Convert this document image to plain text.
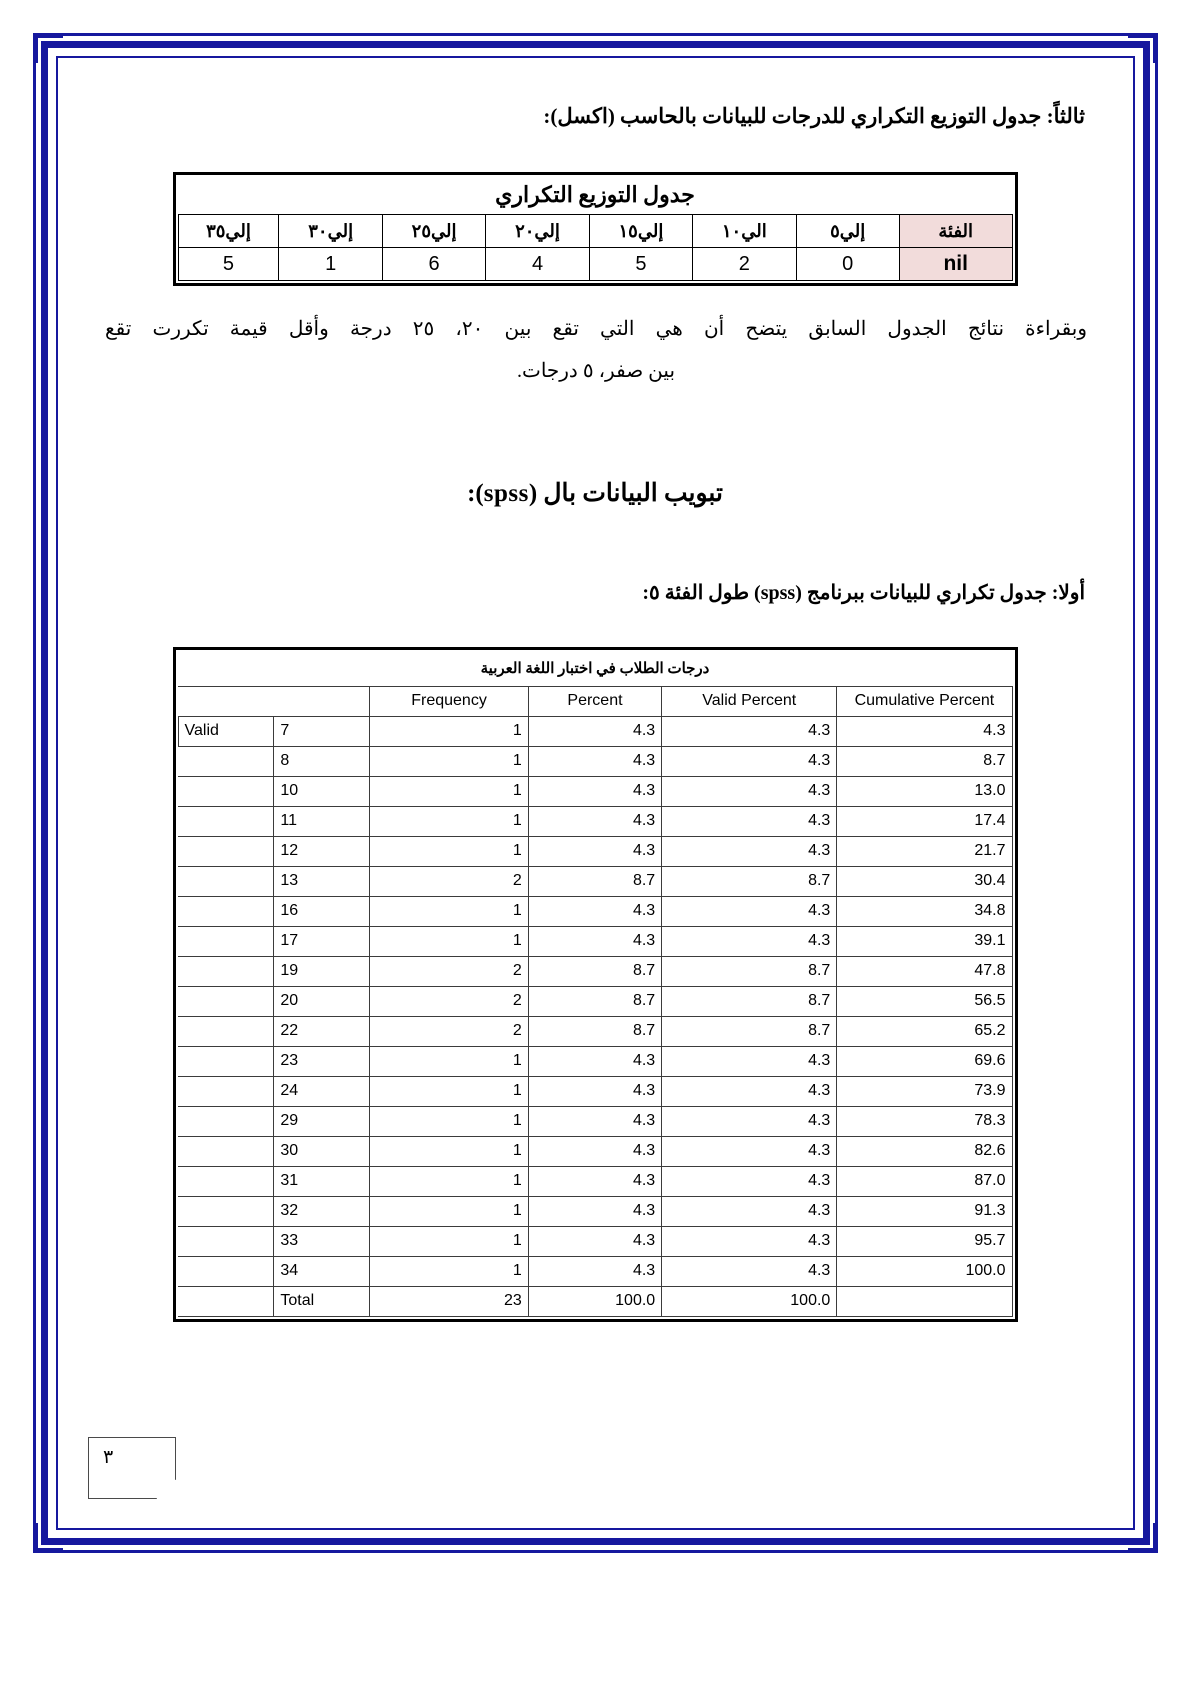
ثالثاً: جدول التوزيع التكراري للدرجات للبيانات بالحاسب (اكسل):
جدول التوزيع التكراري							
الفئة	إلي٥	الي١٠	إلي١٥	إلي٢٠	إلي٢٥	إلي٣٠	إلي٣٥
nil	0	2	5	4	6	1	5
وبقراءة نتائج الجدول السابق يتضح أن هي التي تقع بين ٢٠، ٢٥ درجة وأقل قيمة تكررت تقع
بين صفر، ٥ درجات.
تبويب البيانات بال (spss):
أولا: جدول تكراري للبيانات ببرنامج (spss) طول الفئة ٥:
درجات الطلاب في اختبار اللغة العربية					
		Frequency	Percent	Valid Percent	Cumulative Percent
Valid	7	1	4.3	4.3	4.3
	8	1	4.3	4.3	8.7
	10	1	4.3	4.3	13.0
	11	1	4.3	4.3	17.4
	12	1	4.3	4.3	21.7
	13	2	8.7	8.7	30.4
	16	1	4.3	4.3	34.8
	17	1	4.3	4.3	39.1
	19	2	8.7	8.7	47.8
	20	2	8.7	8.7	56.5
	22	2	8.7	8.7	65.2
	23	1	4.3	4.3	69.6
	24	1	4.3	4.3	73.9
	29	1	4.3	4.3	78.3
	30	1	4.3	4.3	82.6
	31	1	4.3	4.3	87.0
	32	1	4.3	4.3	91.3
	33	1	4.3	4.3	95.7
	34	1	4.3	4.3	100.0
	Total	23	100.0	100.0	
٣
